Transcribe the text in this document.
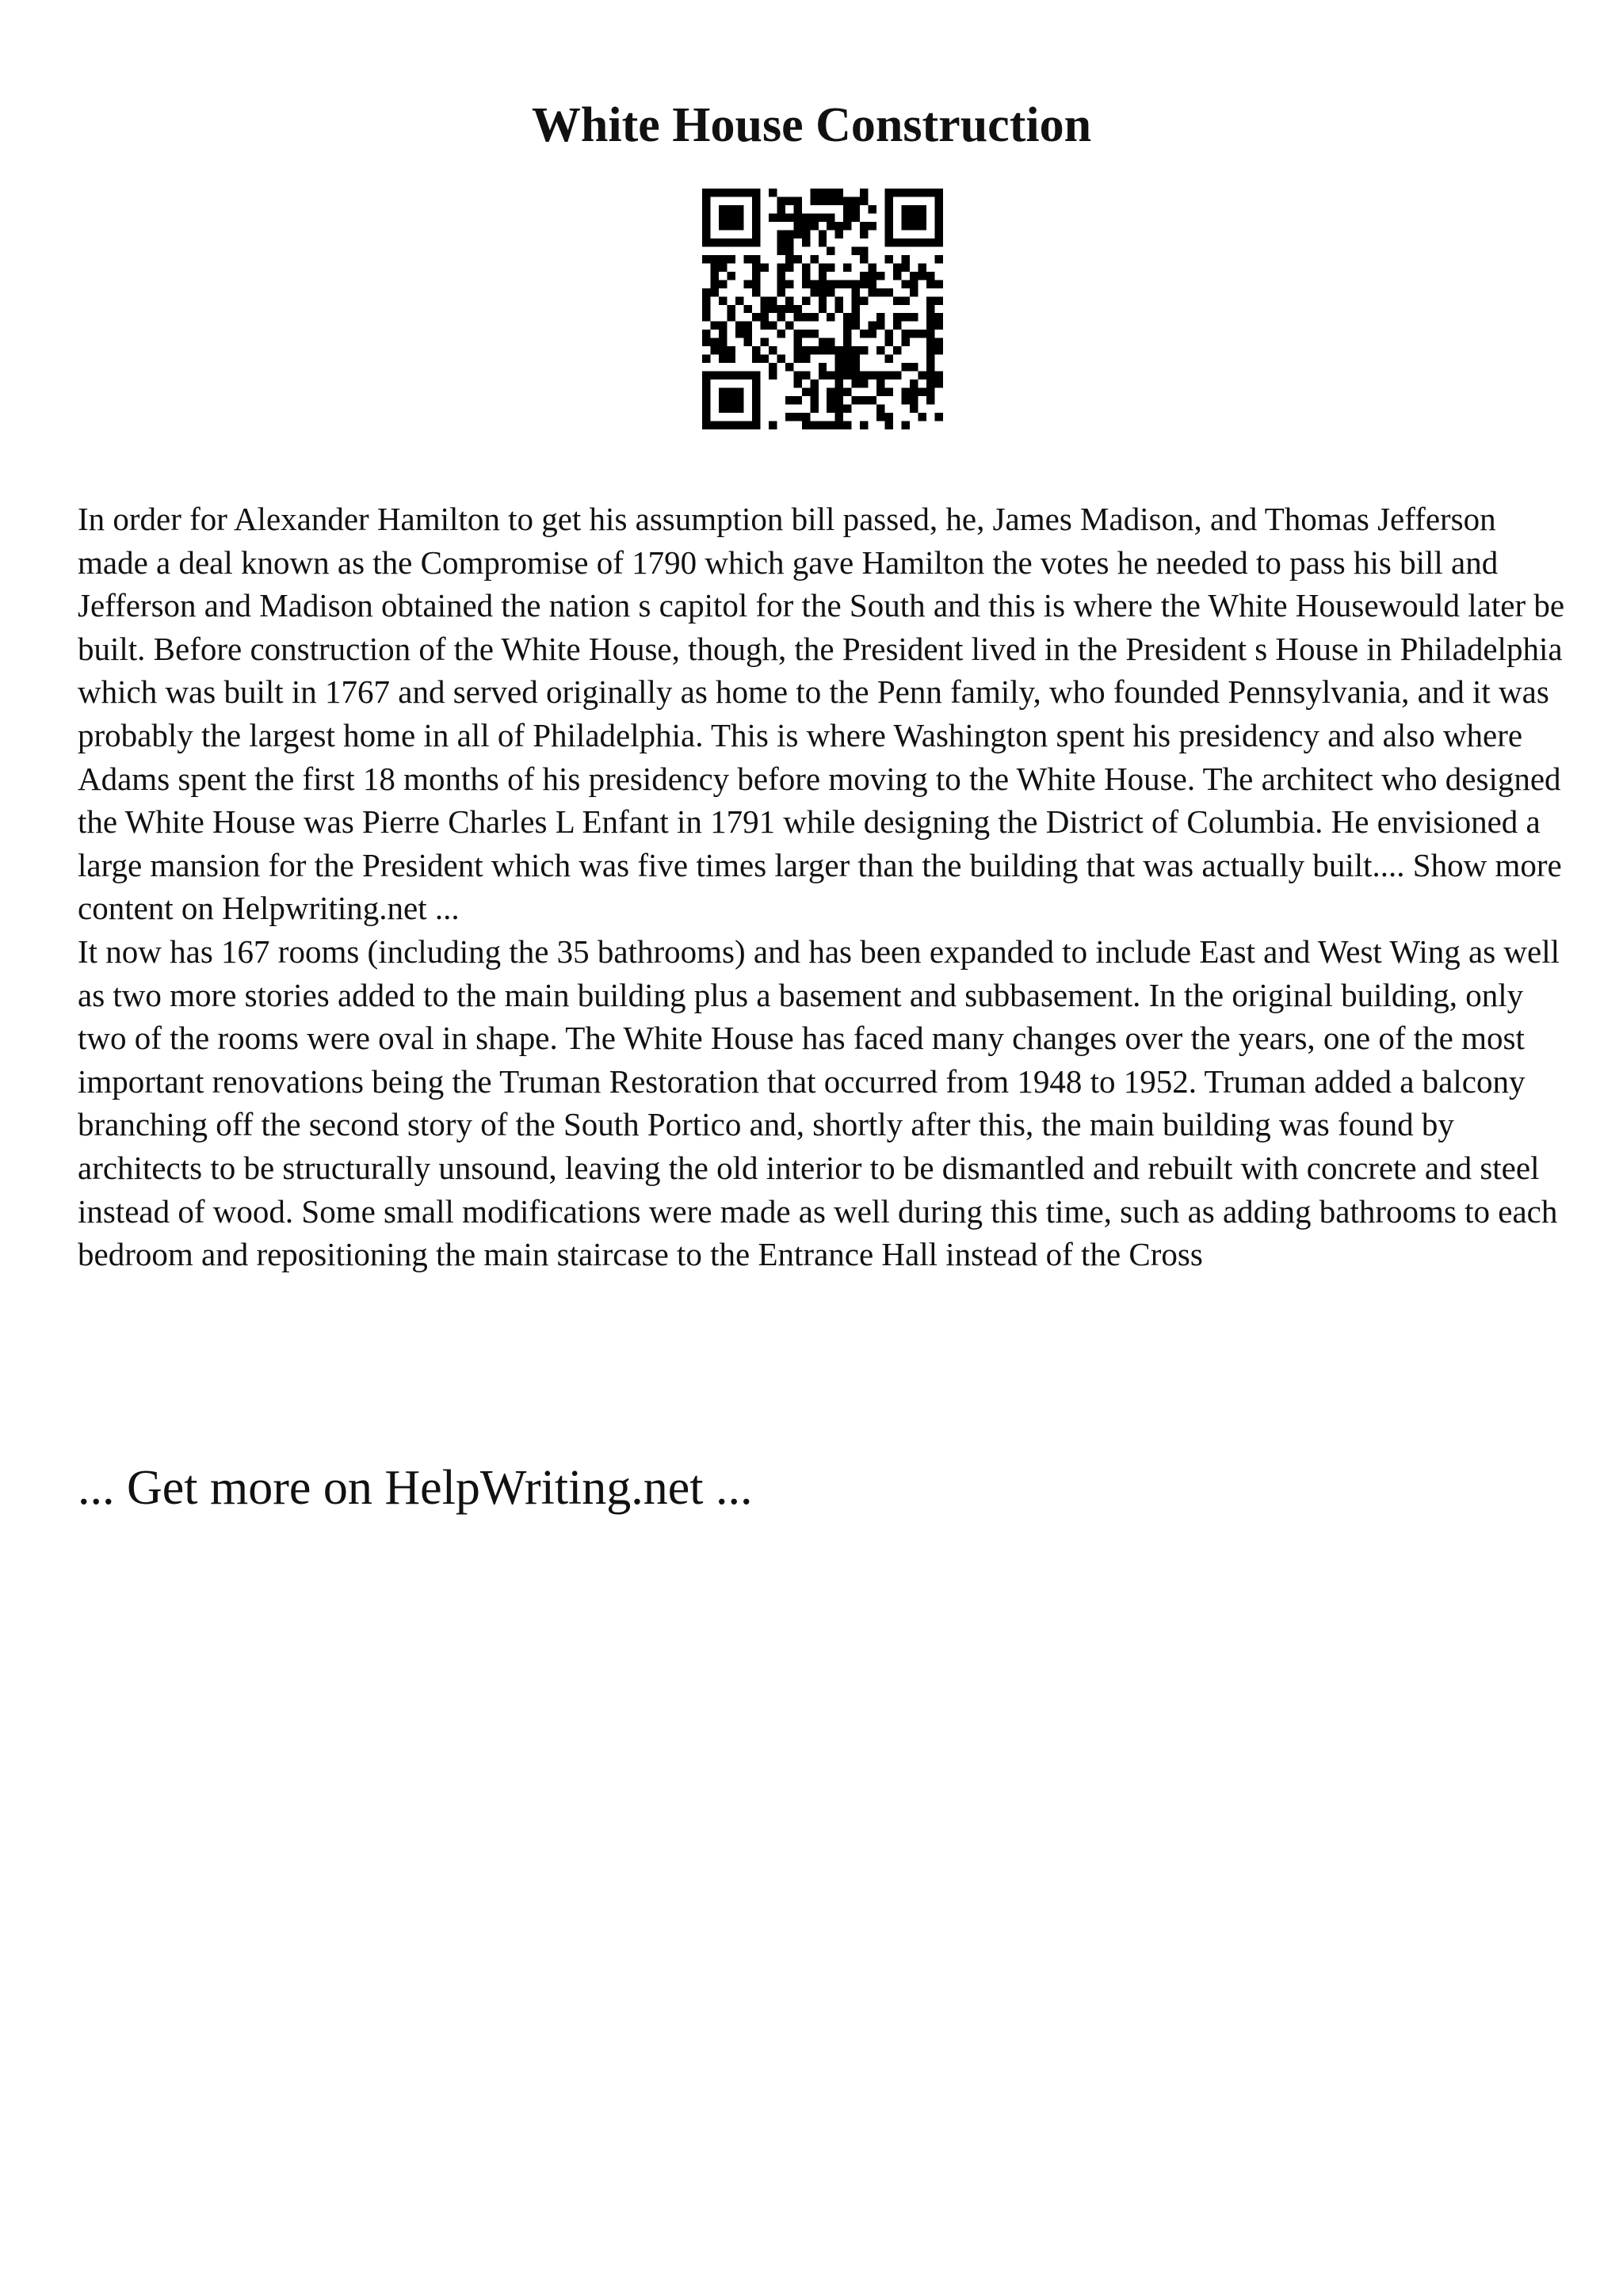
White House Construction

In order for Alexander Hamilton to get his assumption bill passed, he, James Madison, and Thomas Jefferson made a deal known as the Compromise of 1790 which gave Hamilton the votes he needed to pass his bill and Jefferson and Madison obtained the nation s capitol for the South and this is where the White Housewould later be built. Before construction of the White House, though, the President lived in the President s House in Philadelphia which was built in 1767 and served originally as home to the Penn family, who founded Pennsylvania, and it was probably the largest home in all of Philadelphia. This is where Washington spent his presidency and also where Adams spent the first 18 months of his presidency before moving to the White House. The architect who designed the White House was Pierre Charles L Enfant in 1791 while designing the District of Columbia. He envisioned a large mansion for the President which was five times larger than the building that was actually built.... Show more content on Helpwriting.net ...

It now has 167 rooms (including the 35 bathrooms) and has been expanded to include East and West Wing as well as two more stories added to the main building plus a basement and subbasement. In the original building, only two of the rooms were oval in shape. The White House has faced many changes over the years, one of the most important renovations being the Truman Restoration that occurred from 1948 to 1952. Truman added a balcony branching off the second story of the South Portico and, shortly after this, the main building was found by architects to be structurally unsound, leaving the old interior to be dismantled and rebuilt with concrete and steel instead of wood. Some small modifications were made as well during this time, such as adding bathrooms to each bedroom and repositioning the main staircase to the Entrance Hall instead of the Cross

... Get more on HelpWriting.net ...
